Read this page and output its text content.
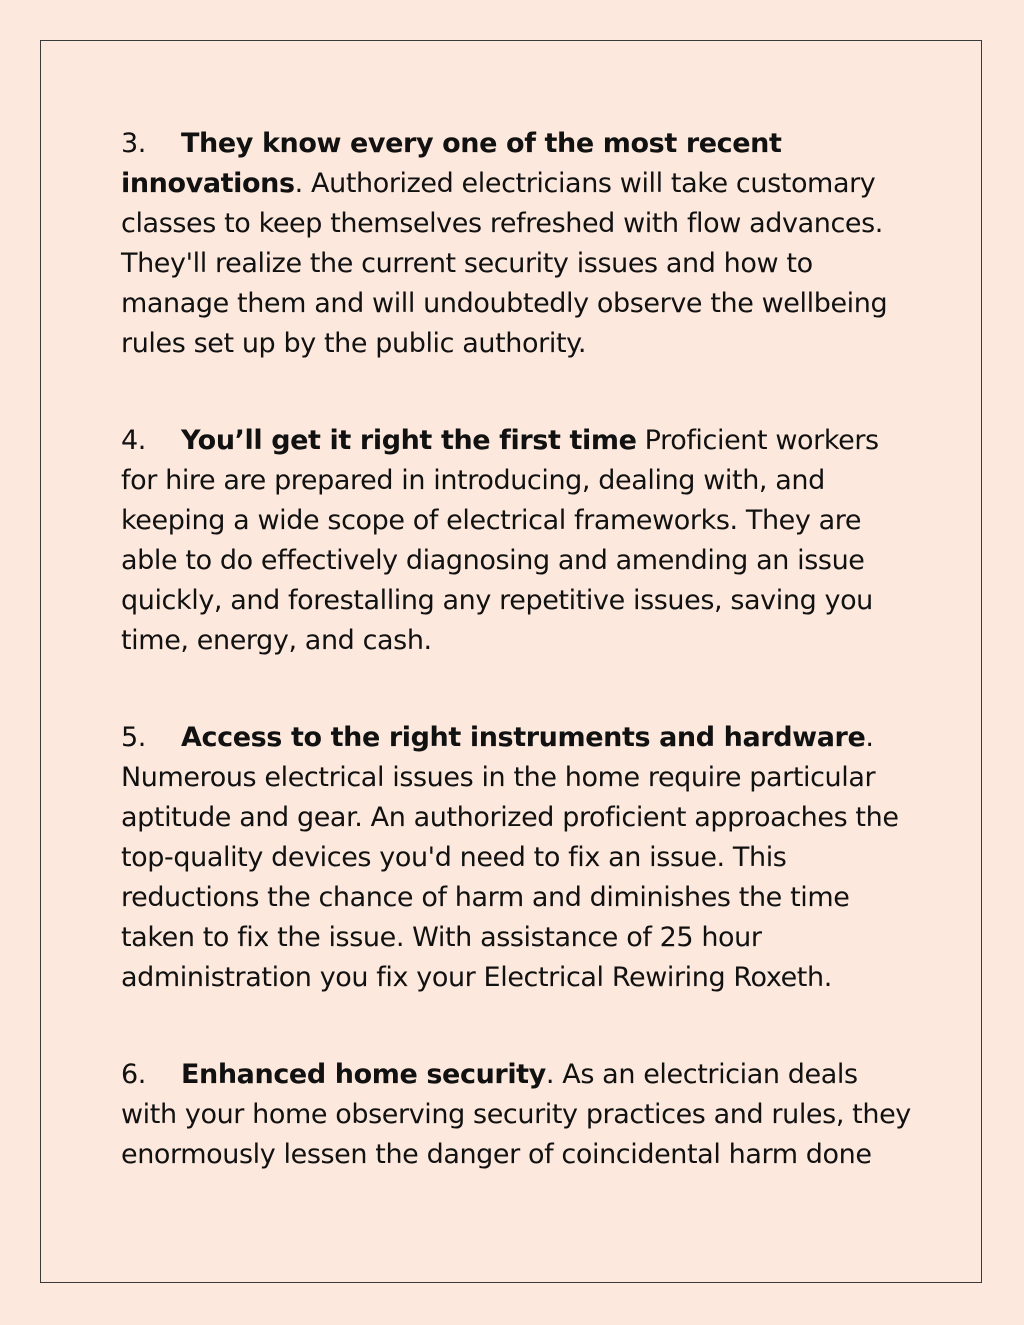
3. They know every one of the most recent innovations. Authorized electricians will take customary classes to keep themselves refreshed with flow advances. They'll realize the current security issues and how to manage them and will undoubtedly observe the wellbeing rules set up by the public authority.

4. You’ll get it right the first time Proficient workers for hire are prepared in introducing, dealing with, and keeping a wide scope of electrical frameworks. They are able to do effectively diagnosing and amending an issue quickly, and forestalling any repetitive issues, saving you time, energy, and cash.

5. Access to the right instruments and hardware. Numerous electrical issues in the home require particular aptitude and gear. An authorized proficient approaches the top-quality devices you'd need to fix an issue. This reductions the chance of harm and diminishes the time taken to fix the issue. With assistance of 25 hour administration you fix your Electrical Rewiring Roxeth.

6. Enhanced home security. As an electrician deals with your home observing security practices and rules, they enormously lessen the danger of coincidental harm done
